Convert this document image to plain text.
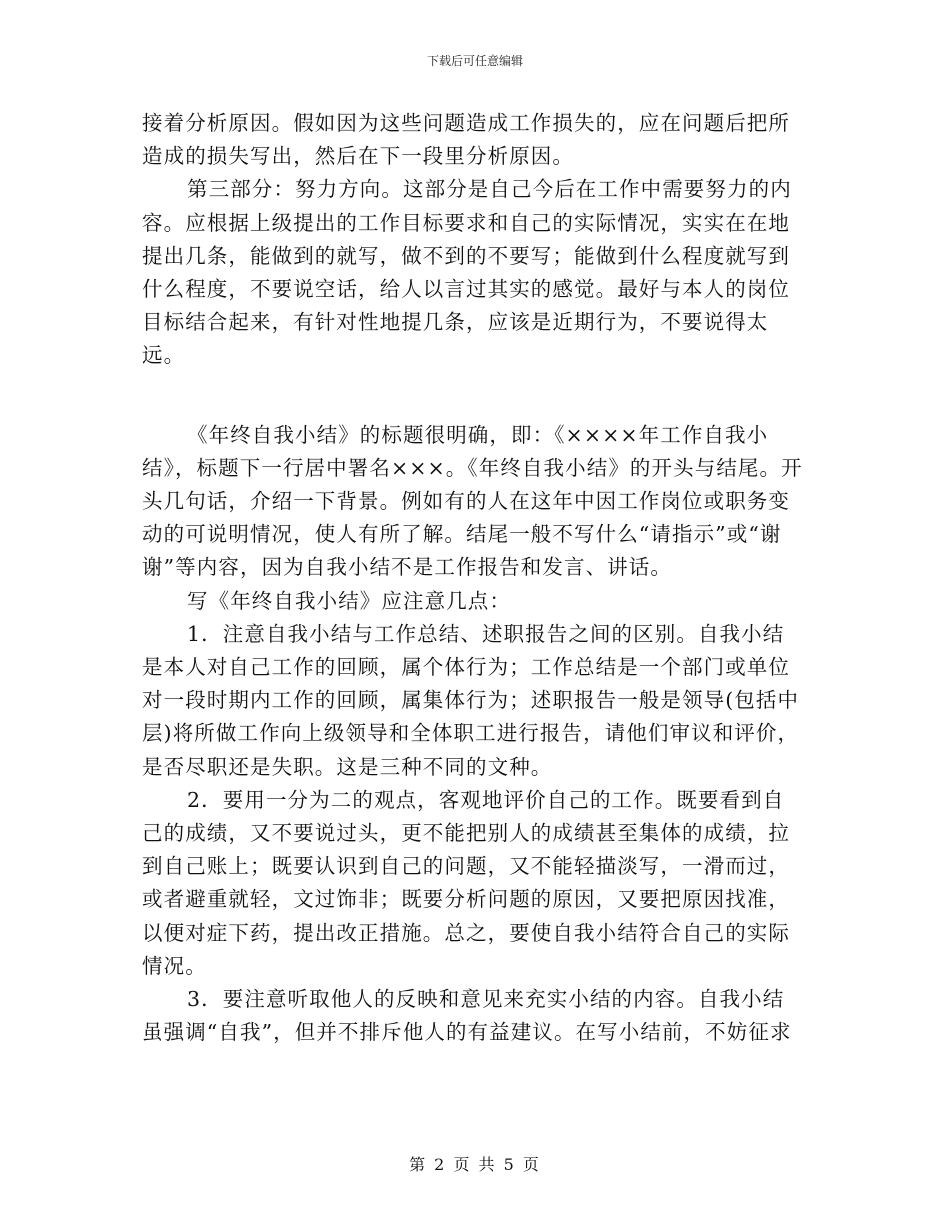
下载后可任意编辑

接着分析原因。假如因为这些问题造成工作损失的，应在问题后把所造成的损失写出，然后在下一段里分析原因。

第三部分：努力方向。这部分是自己今后在工作中需要努力的内容。应根据上级提出的工作目标要求和自己的实际情况，实实在在地提出几条，能做到的就写，做不到的不要写；能做到什么程度就写到什么程度，不要说空话，给人以言过其实的感觉。最好与本人的岗位目标结合起来，有针对性地提几条，应该是近期行为，不要说得太远。

《年终自我小结》的标题很明确，即：《××××年工作自我小结》，标题下一行居中署名×××。《年终自我小结》的开头与结尾。开头几句话，介绍一下背景。例如有的人在这年中因工作岗位或职务变动的可说明情况，使人有所了解。结尾一般不写什么“请指示”或“谢谢”等内容，因为自我小结不是工作报告和发言、讲话。

写《年终自我小结》应注意几点：

1．注意自我小结与工作总结、述职报告之间的区别。自我小结是本人对自己工作的回顾，属个体行为；工作总结是一个部门或单位对一段时期内工作的回顾，属集体行为；述职报告一般是领导(包括中层)将所做工作向上级领导和全体职工进行报告，请他们审议和评价，是否尽职还是失职。这是三种不同的文种。

2．要用一分为二的观点，客观地评价自己的工作。既要看到自己的成绩，又不要说过头，更不能把别人的成绩甚至集体的成绩，拉到自己账上；既要认识到自己的问题，又不能轻描淡写，一滑而过，或者避重就轻，文过饰非；既要分析问题的原因，又要把原因找准，以便对症下药，提出改正措施。总之，要使自我小结符合自己的实际情况。

3．要注意听取他人的反映和意见来充实小结的内容。自我小结虽强调“自我”，但并不排斥他人的有益建议。在写小结前，不妨征求

第 2 页 共 5 页
